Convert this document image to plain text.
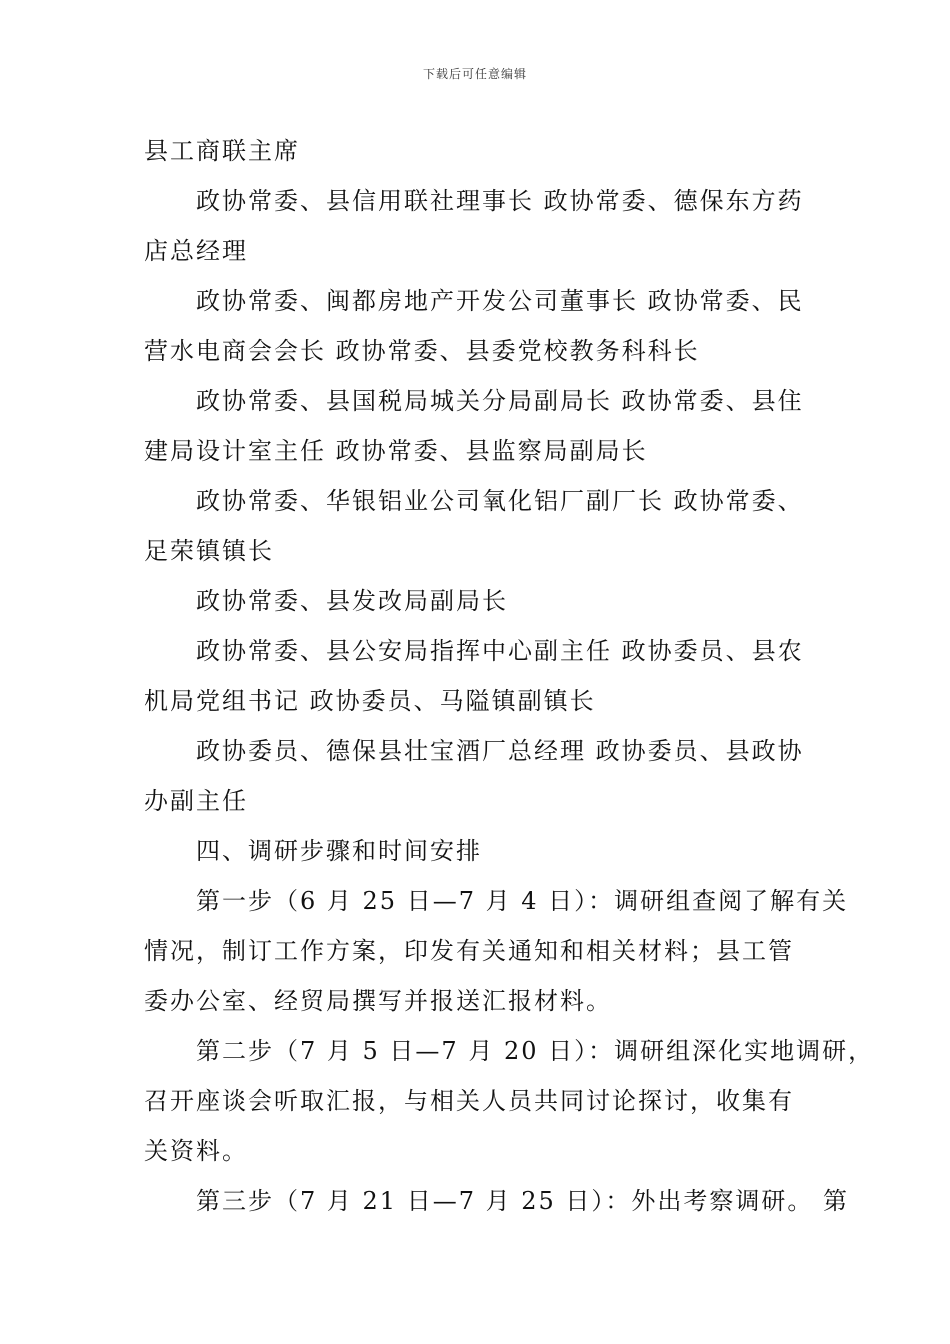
下载后可任意编辑

县工商联主席

政协常委、县信用联社理事长 政协常委、德保东方药
店总经理

政协常委、闽都房地产开发公司董事长 政协常委、民
营水电商会会长 政协常委、县委党校教务科科长

政协常委、县国税局城关分局副局长 政协常委、县住
建局设计室主任 政协常委、县监察局副局长

政协常委、华银铝业公司氧化铝厂副厂长 政协常委、
足荣镇镇长

政协常委、县发改局副局长

政协常委、县公安局指挥中心副主任 政协委员、县农
机局党组书记 政协委员、马隘镇副镇长

政协委员、德保县壮宝酒厂总经理 政协委员、县政协
办副主任

四、调研步骤和时间安排

第一步（6 月 25 日—7 月 4 日）：调研组查阅了解有关
情况，制订工作方案，印发有关通知和相关材料；县工管
委办公室、经贸局撰写并报送汇报材料。

第二步（7 月 5 日—7 月 20 日）：调研组深化实地调研，
召开座谈会听取汇报，与相关人员共同讨论探讨，收集有
关资料。

第三步（7 月 21 日—7 月 25 日）：外出考察调研。 第
